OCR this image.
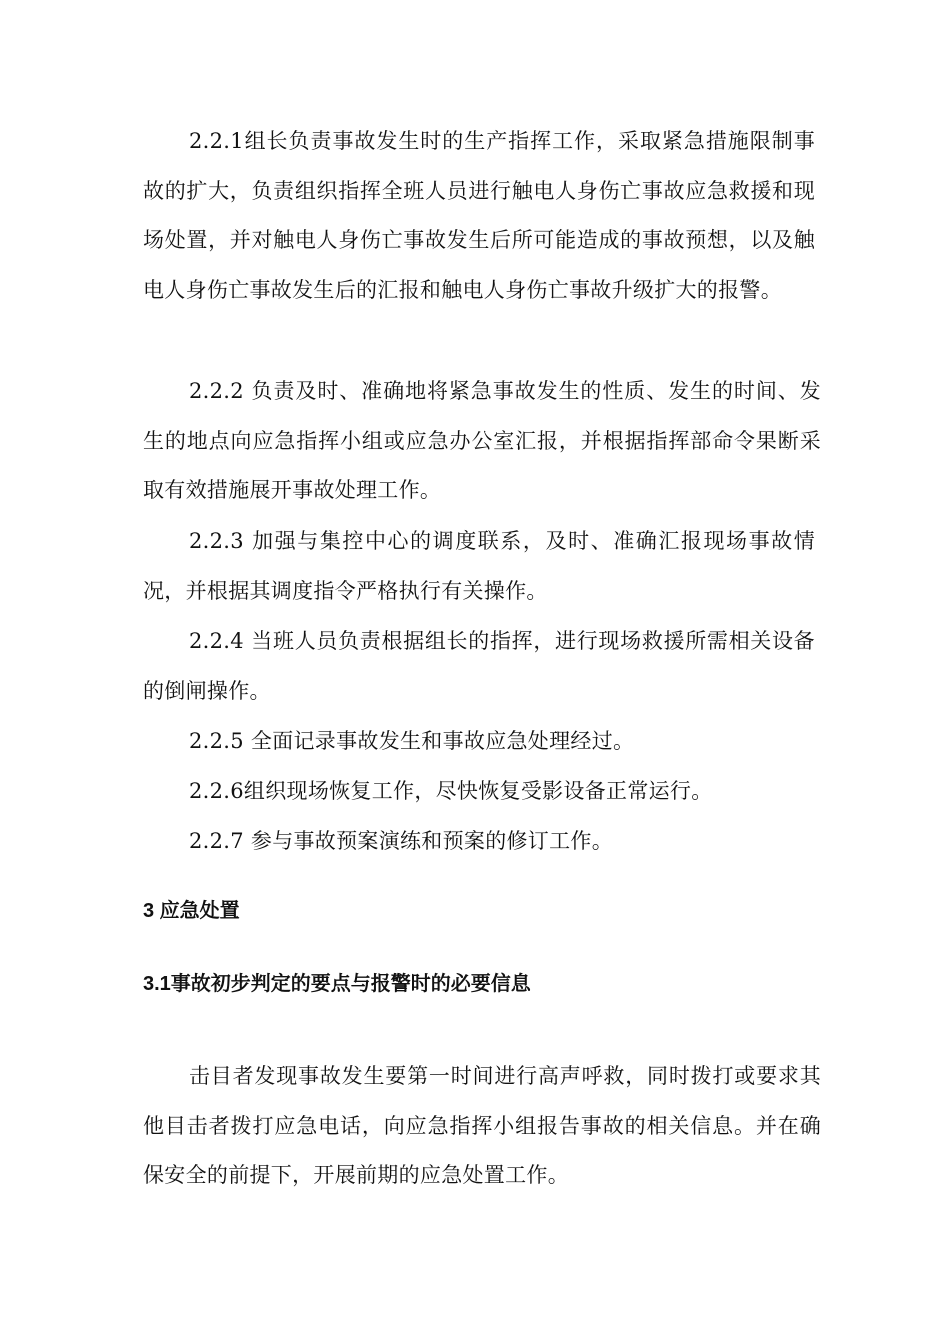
2.2.1组长负责事故发生时的生产指挥工作，采取紧急措施限制事故的扩大，负责组织指挥全班人员进行触电人身伤亡事故应急救援和现场处置，并对触电人身伤亡事故发生后所可能造成的事故预想，以及触电人身伤亡事故发生后的汇报和触电人身伤亡事故升级扩大的报警。

2.2.2 负责及时、准确地将紧急事故发生的性质、发生的时间、发生的地点向应急指挥小组或应急办公室汇报，并根据指挥部命令果断采取有效措施展开事故处理工作。

2.2.3 加强与集控中心的调度联系，及时、准确汇报现场事故情况，并根据其调度指令严格执行有关操作。

2.2.4 当班人员负责根据组长的指挥，进行现场救援所需相关设备的倒闸操作。

2.2.5 全面记录事故发生和事故应急处理经过。

2.2.6组织现场恢复工作，尽快恢复受影设备正常运行。

2.2.7 参与事故预案演练和预案的修订工作。

3 应急处置
3.1事故初步判定的要点与报警时的必要信息

击目者发现事故发生要第一时间进行高声呼救，同时拨打或要求其他目击者拨打应急电话，向应急指挥小组报告事故的相关信息。并在确保安全的前提下，开展前期的应急处置工作。
